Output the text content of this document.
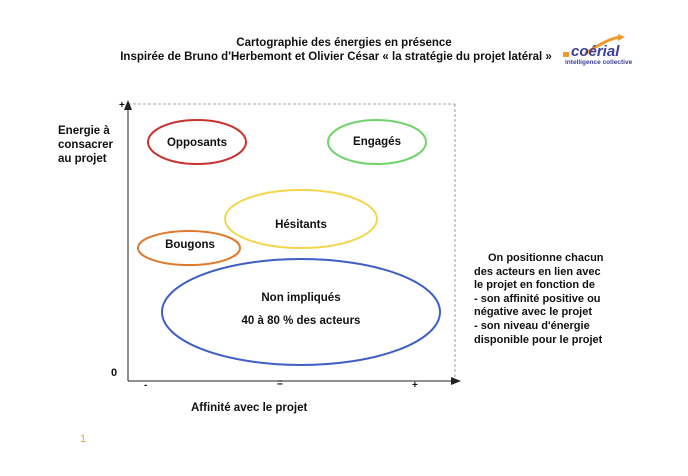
Cartographie des énergies en présence
Inspirée de Bruno d'Herbemont et Olivier César « la stratégie du projet latéral »	coérial
intelligence collective
Opposants	Engagés
Hésitants
Bougons
Non impliqués
40 à 80 % des acteurs
Energie à
consacrer
au projet
+
0
-	=	+
Affinité avec le projet
On positionne chacun
des acteurs en lien avec
le projet en fonction de
- son affinité positive ou
négative avec le projet
- son niveau d'énergie
disponible pour le projet
1
